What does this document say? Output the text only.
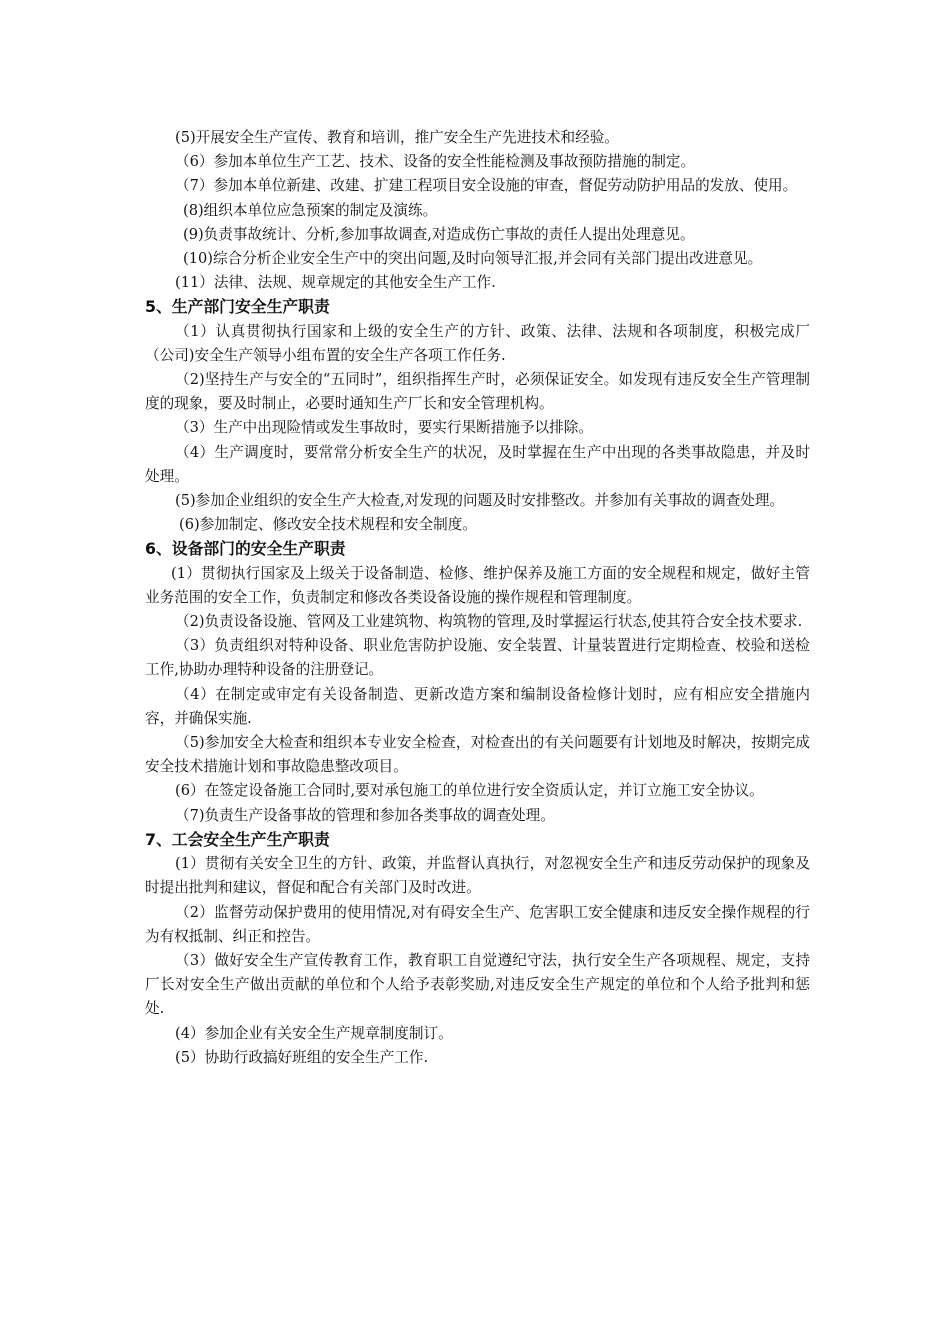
(5)开展安全生产宣传、教育和培训，推广安全生产先进技术和经验。

（6）参加本单位生产工艺、技术、设备的安全性能检测及事故预防措施的制定。

（7）参加本单位新建、改建、扩建工程项目安全设施的审查，督促劳动防护用品的发放、使用。

(8)组织本单位应急预案的制定及演练。

(9)负责事故统计、分析,参加事故调查,对造成伤亡事故的责任人提出处理意见。

(10)综合分析企业安全生产中的突出问题,及时向领导汇报,并会同有关部门提出改进意见。

(11）法律、法规、规章规定的其他安全生产工作.

5、生产部门安全生产职责

（1）认真贯彻执行国家和上级的安全生产的方针、政策、法律、法规和各项制度，积极完成厂（公司)安全生产领导小组布置的安全生产各项工作任务.

（2)坚持生产与安全的“五同时”，组织指挥生产时，必须保证安全。如发现有违反安全生产管理制度的现象，要及时制止，必要时通知生产厂长和安全管理机构。

（3）生产中出现险情或发生事故时，要实行果断措施予以排除。

（4）生产调度时，要常常分析安全生产的状况，及时掌握在生产中出现的各类事故隐患，并及时处理。

(5)参加企业组织的安全生产大检查,对发现的问题及时安排整改。并参加有关事故的调查处理。

(6)参加制定、修改安全技术规程和安全制度。

6、设备部门的安全生产职责

(1）贯彻执行国家及上级关于设备制造、检修、维护保养及施工方面的安全规程和规定，做好主管业务范围的安全工作，负责制定和修改各类设备设施的操作规程和管理制度。

（2)负责设备设施、管网及工业建筑物、构筑物的管理,及时掌握运行状态,使其符合安全技术要求.

（3）负责组织对特种设备、职业危害防护设施、安全装置、计量装置进行定期检查、校验和送检工作,协助办理特种设备的注册登记。

（4）在制定或审定有关设备制造、更新改造方案和编制设备检修计划时，应有相应安全措施内容，并确保实施.

（5)参加安全大检查和组织本专业安全检查，对检查出的有关问题要有计划地及时解决，按期完成安全技术措施计划和事故隐患整改项目。

(6）在签定设备施工合同时,要对承包施工的单位进行安全资质认定，并订立施工安全协议。

（7)负责生产设备事故的管理和参加各类事故的调查处理。

7、工会安全生产生产职责

(1）贯彻有关安全卫生的方针、政策，并监督认真执行，对忽视安全生产和违反劳动保护的现象及时提出批判和建议，督促和配合有关部门及时改进。

（2）监督劳动保护费用的使用情况,对有碍安全生产、危害职工安全健康和违反安全操作规程的行为有权抵制、纠正和控告。

（3）做好安全生产宣传教育工作，教育职工自觉遵纪守法，执行安全生产各项规程、规定，支持厂长对安全生产做出贡献的单位和个人给予表彰奖励,对违反安全生产规定的单位和个人给予批判和惩处.

(4）参加企业有关安全生产规章制度制订。

(5）协助行政搞好班组的安全生产工作.
